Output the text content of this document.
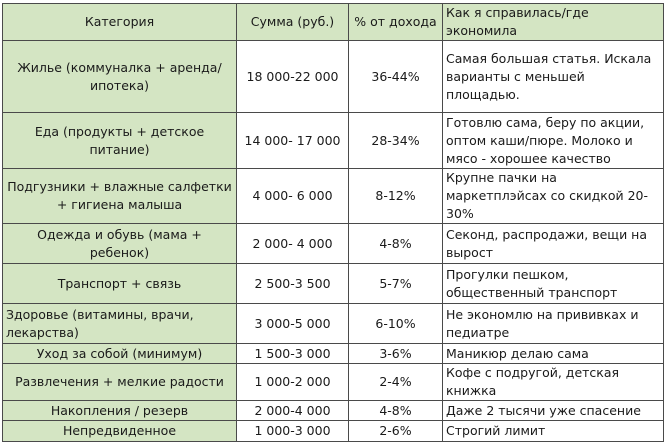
Категория	Сумма (руб.)	% от дохода	Как я справилась/где экономила
Жилье (коммуналка + аренда/ипотека)	18 000-22 000	36-44%	Самая большая статья. Искала варианты с меньшей площадью.
Еда (продукты + детское питание)	14 000- 17 000	28-34%	Готовлю сама, беру по акции, оптом каши/пюре. Молоко и мясо - хорошее качество
Подгузники + влажные салфетки + гигиена малыша	4 000- 6 000	8-12%	Крупне пачки на маркетплэйсах со скидкой 20-30%
Одежда и обувь (мама + ребенок)	2 000- 4 000	4-8%	Секонд, распродажи, вещи на вырост
Транспорт + связь	2 500-3 500	5-7%	Прогулки пешком, общественный транспорт
Здоровье (витамины, врачи, лекарства)	3 000-5 000	6-10%	Не экономлю на прививках и педиатре
Уход за собой (минимум)	1 500-3 000	3-6%	Маникюр делаю сама
Развлечения + мелкие радости	1 000-2 000	2-4%	Кофе с подругой, детская книжка
Накопления / резерв	2 000-4 000	4-8%	Даже 2 тысячи уже спасение
Непредвиденное	1 000-3 000	2-6%	Строгий лимит
